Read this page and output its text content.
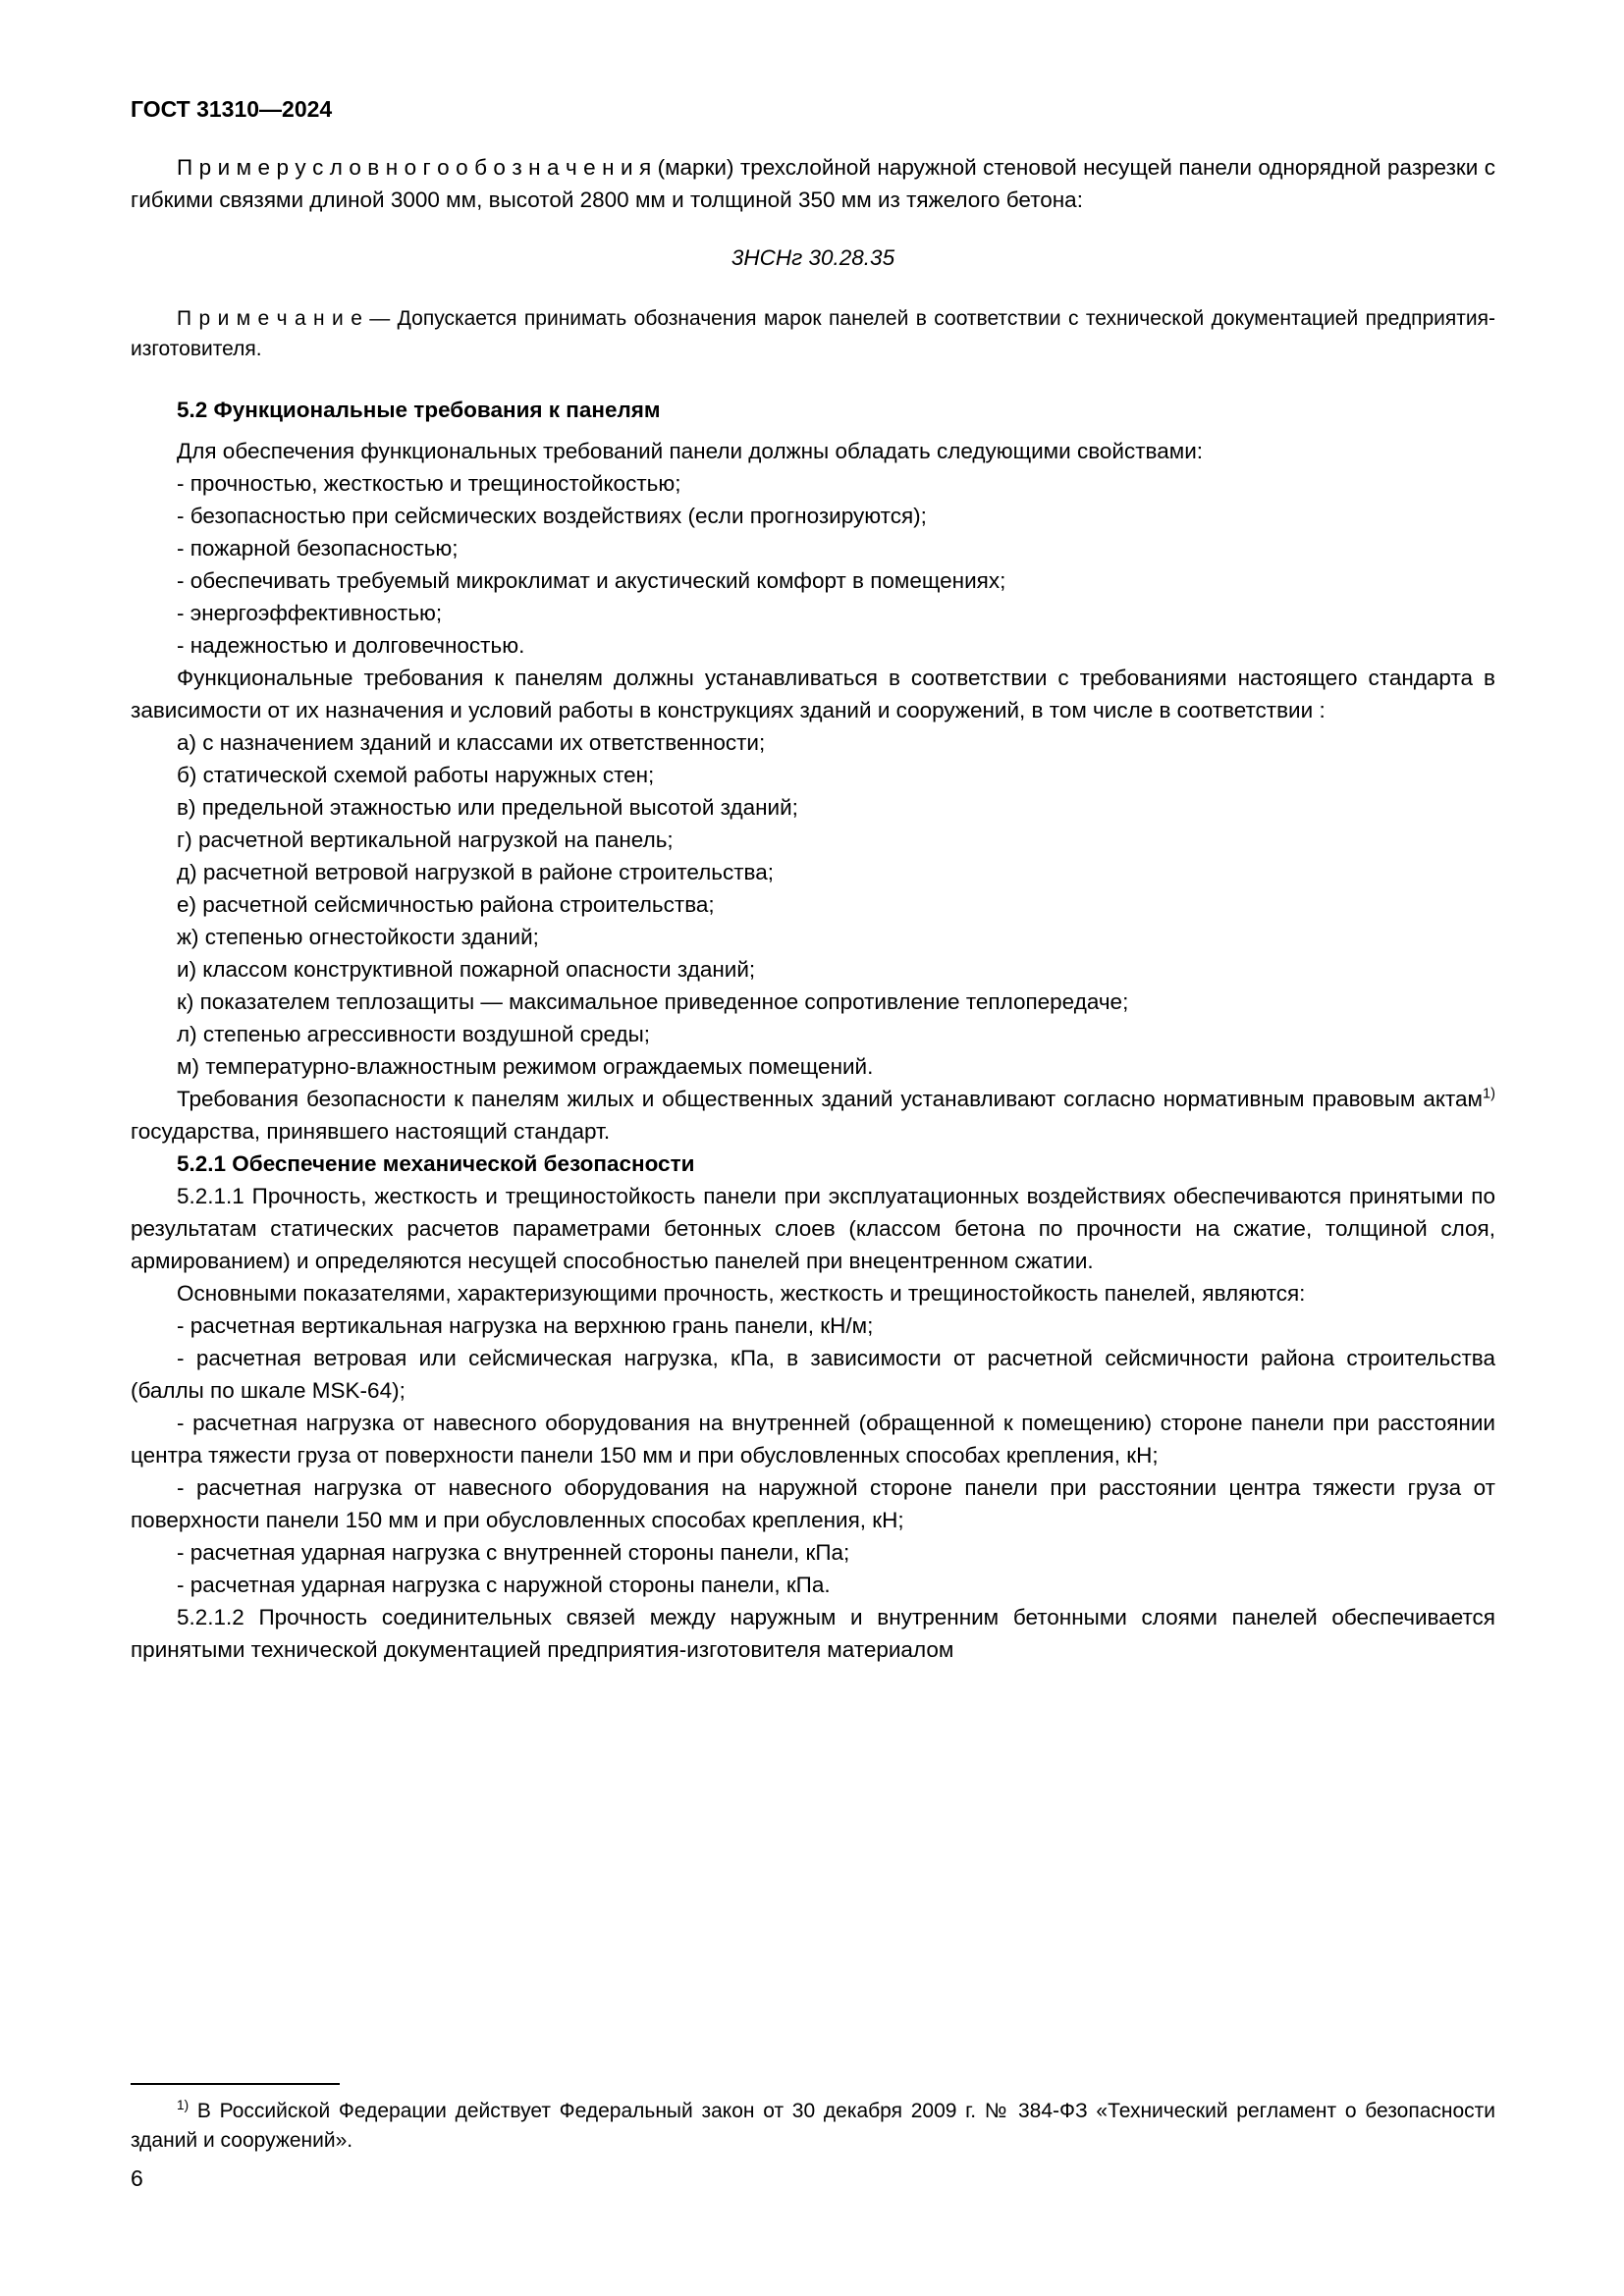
ГОСТ 31310—2024

П р и м е р у с л о в н о г о о б о з н а ч е н и я (марки) трехслойной наружной стеновой несущей панели однорядной разрезки с гибкими связями длиной 3000 мм, высотой 2800 мм и толщиной 350 мм из тяжелого бетона:

3НСНг 30.28.35

П р и м е ч а н и е — Допускается принимать обозначения марок панелей в соответствии с технической документацией предприятия-изготовителя.

5.2 Функциональные требования к панелям

Для обеспечения функциональных требований панели должны обладать следующими свойствами:

- прочностью, жесткостью и трещиностойкостью;

- безопасностью при сейсмических воздействиях (если прогнозируются);

- пожарной безопасностью;

- обеспечивать требуемый микроклимат и акустический комфорт в помещениях;

- энергоэффективностью;

- надежностью и долговечностью.

Функциональные требования к панелям должны устанавливаться в соответствии с требованиями настоящего стандарта в зависимости от их назначения и условий работы в конструкциях зданий и сооружений, в том числе в соответствии :

а) с назначением зданий и классами их ответственности;

б) статической схемой работы наружных стен;

в) предельной этажностью или предельной высотой зданий;

г) расчетной вертикальной нагрузкой на панель;

д) расчетной ветровой нагрузкой в районе строительства;

е) расчетной сейсмичностью района строительства;

ж) степенью огнестойкости зданий;

и) классом конструктивной пожарной опасности зданий;

к) показателем теплозащиты — максимальное приведенное сопротивление теплопередаче;

л) степенью агрессивности воздушной среды;

м) температурно-влажностным режимом ограждаемых помещений.

Требования безопасности к панелям жилых и общественных зданий устанавливают согласно нормативным правовым актам$^{1)}$ государства, принявшего настоящий стандарт.

5.2.1 Обеспечение механической безопасности

5.2.1.1 Прочность, жесткость и трещиностойкость панели при эксплуатационных воздействиях обеспечиваются принятыми по результатам статических расчетов параметрами бетонных слоев (классом бетона по прочности на сжатие, толщиной слоя, армированием) и определяются несущей способностью панелей при внецентренном сжатии.

Основными показателями, характеризующими прочность, жесткость и трещиностойкость панелей, являются:

- расчетная вертикальная нагрузка на верхнюю грань панели, кН/м;

- расчетная ветровая или сейсмическая нагрузка, кПа, в зависимости от расчетной сейсмичности района строительства (баллы по шкале MSK-64);

- расчетная нагрузка от навесного оборудования на внутренней (обращенной к помещению) стороне панели при расстоянии центра тяжести груза от поверхности панели 150 мм и при обусловленных способах крепления, кН;

- расчетная нагрузка от навесного оборудования на наружной стороне панели при расстоянии центра тяжести груза от поверхности панели 150 мм и при обусловленных способах крепления, кН;

- расчетная ударная нагрузка с внутренней стороны панели, кПа;

- расчетная ударная нагрузка с наружной стороны панели, кПа.

5.2.1.2 Прочность соединительных связей между наружным и внутренним бетонными слоями панелей обеспечивается принятыми технической документацией предприятия-изготовителя материалом

$^{1)}$ В Российской Федерации действует Федеральный закон от 30 декабря 2009 г. № 384-ФЗ «Технический регламент о безопасности зданий и сооружений».

6
